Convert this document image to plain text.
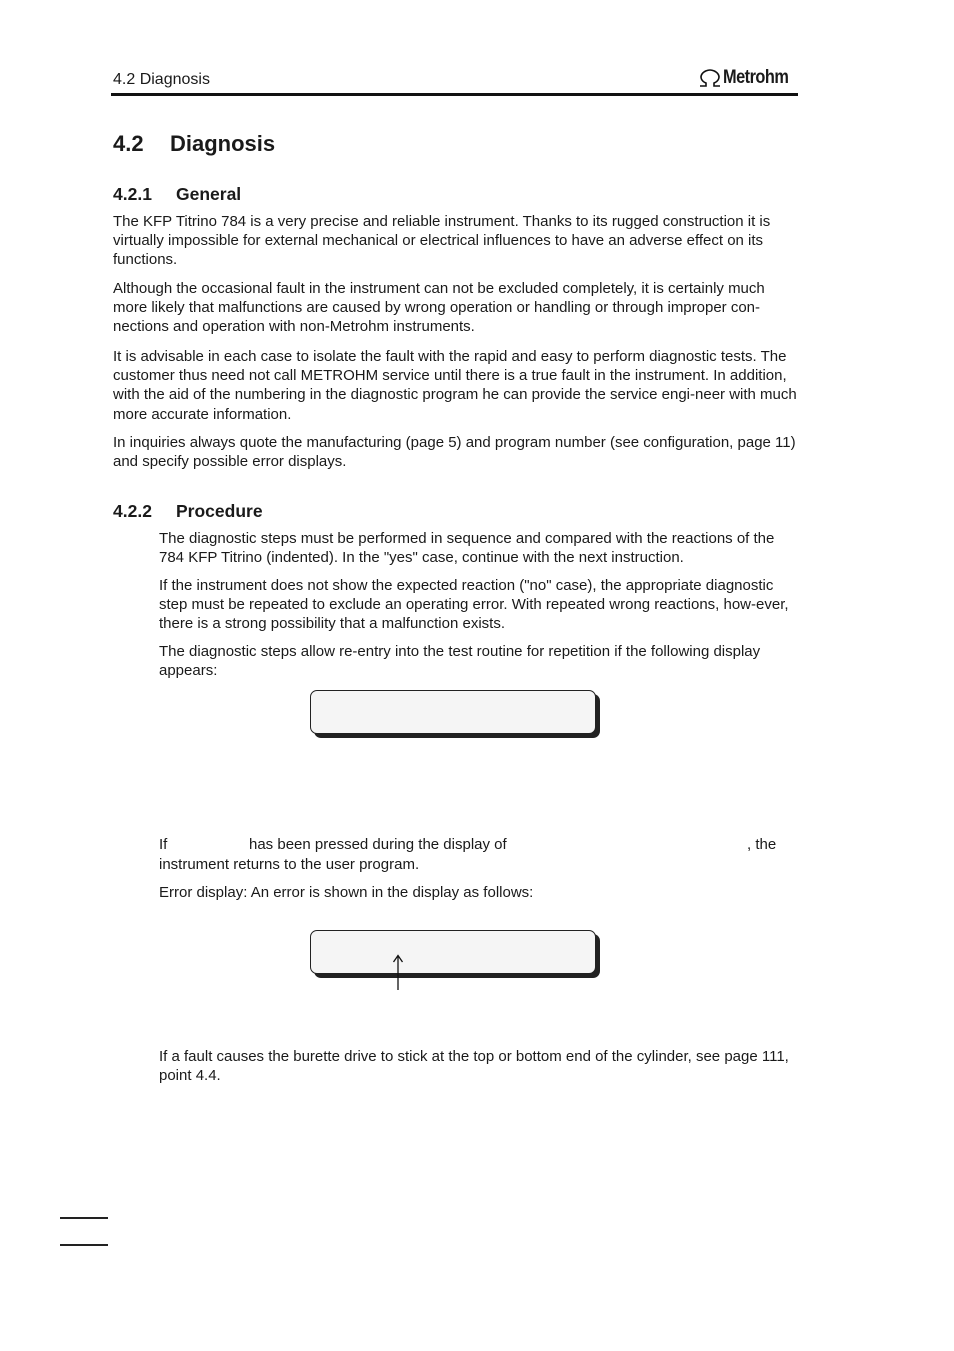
4.2 Diagnosis	Metrohm
4.2 Diagnosis
4.2.1 General
The KFP Titrino 784 is a very precise and reliable instrument. Thanks to its rugged construction it is virtually impossible for external mechanical or electrical influences to have an adverse effect on its functions.
Although the occasional fault in the instrument can not be excluded completely, it is certainly much more likely that malfunctions are caused by wrong operation or handling or through improper con-nections and operation with non-Metrohm instruments.
It is advisable in each case to isolate the fault with the rapid and easy to perform diagnostic tests. The customer thus need not call METROHM service until there is a true fault in the instrument. In addition, with the aid of the numbering in the diagnostic program he can provide the service engi-neer with much more accurate information.
In inquiries always quote the manufacturing (page 5) and program number (see configuration, page 11) and specify possible error displays.
4.2.2 Procedure
The diagnostic steps must be performed in sequence and compared with the reactions of the 784 KFP Titrino (indented). In the "yes" case, continue with the next instruction.
If the instrument does not show the expected reaction ("no" case), the appropriate diagnostic step must be repeated to exclude an operating error. With repeated wrong reactions, how-ever, there is a strong possibility that a malfunction exists.
The diagnostic steps allow re-entry into the test routine for repetition if the following display appears:
If	has been pressed during the display of	, the
instrument returns to the user program.
Error display: An error is shown in the display as follows:
If a fault causes the burette drive to stick at the top or bottom end of the cylinder, see page 111, point 4.4.
